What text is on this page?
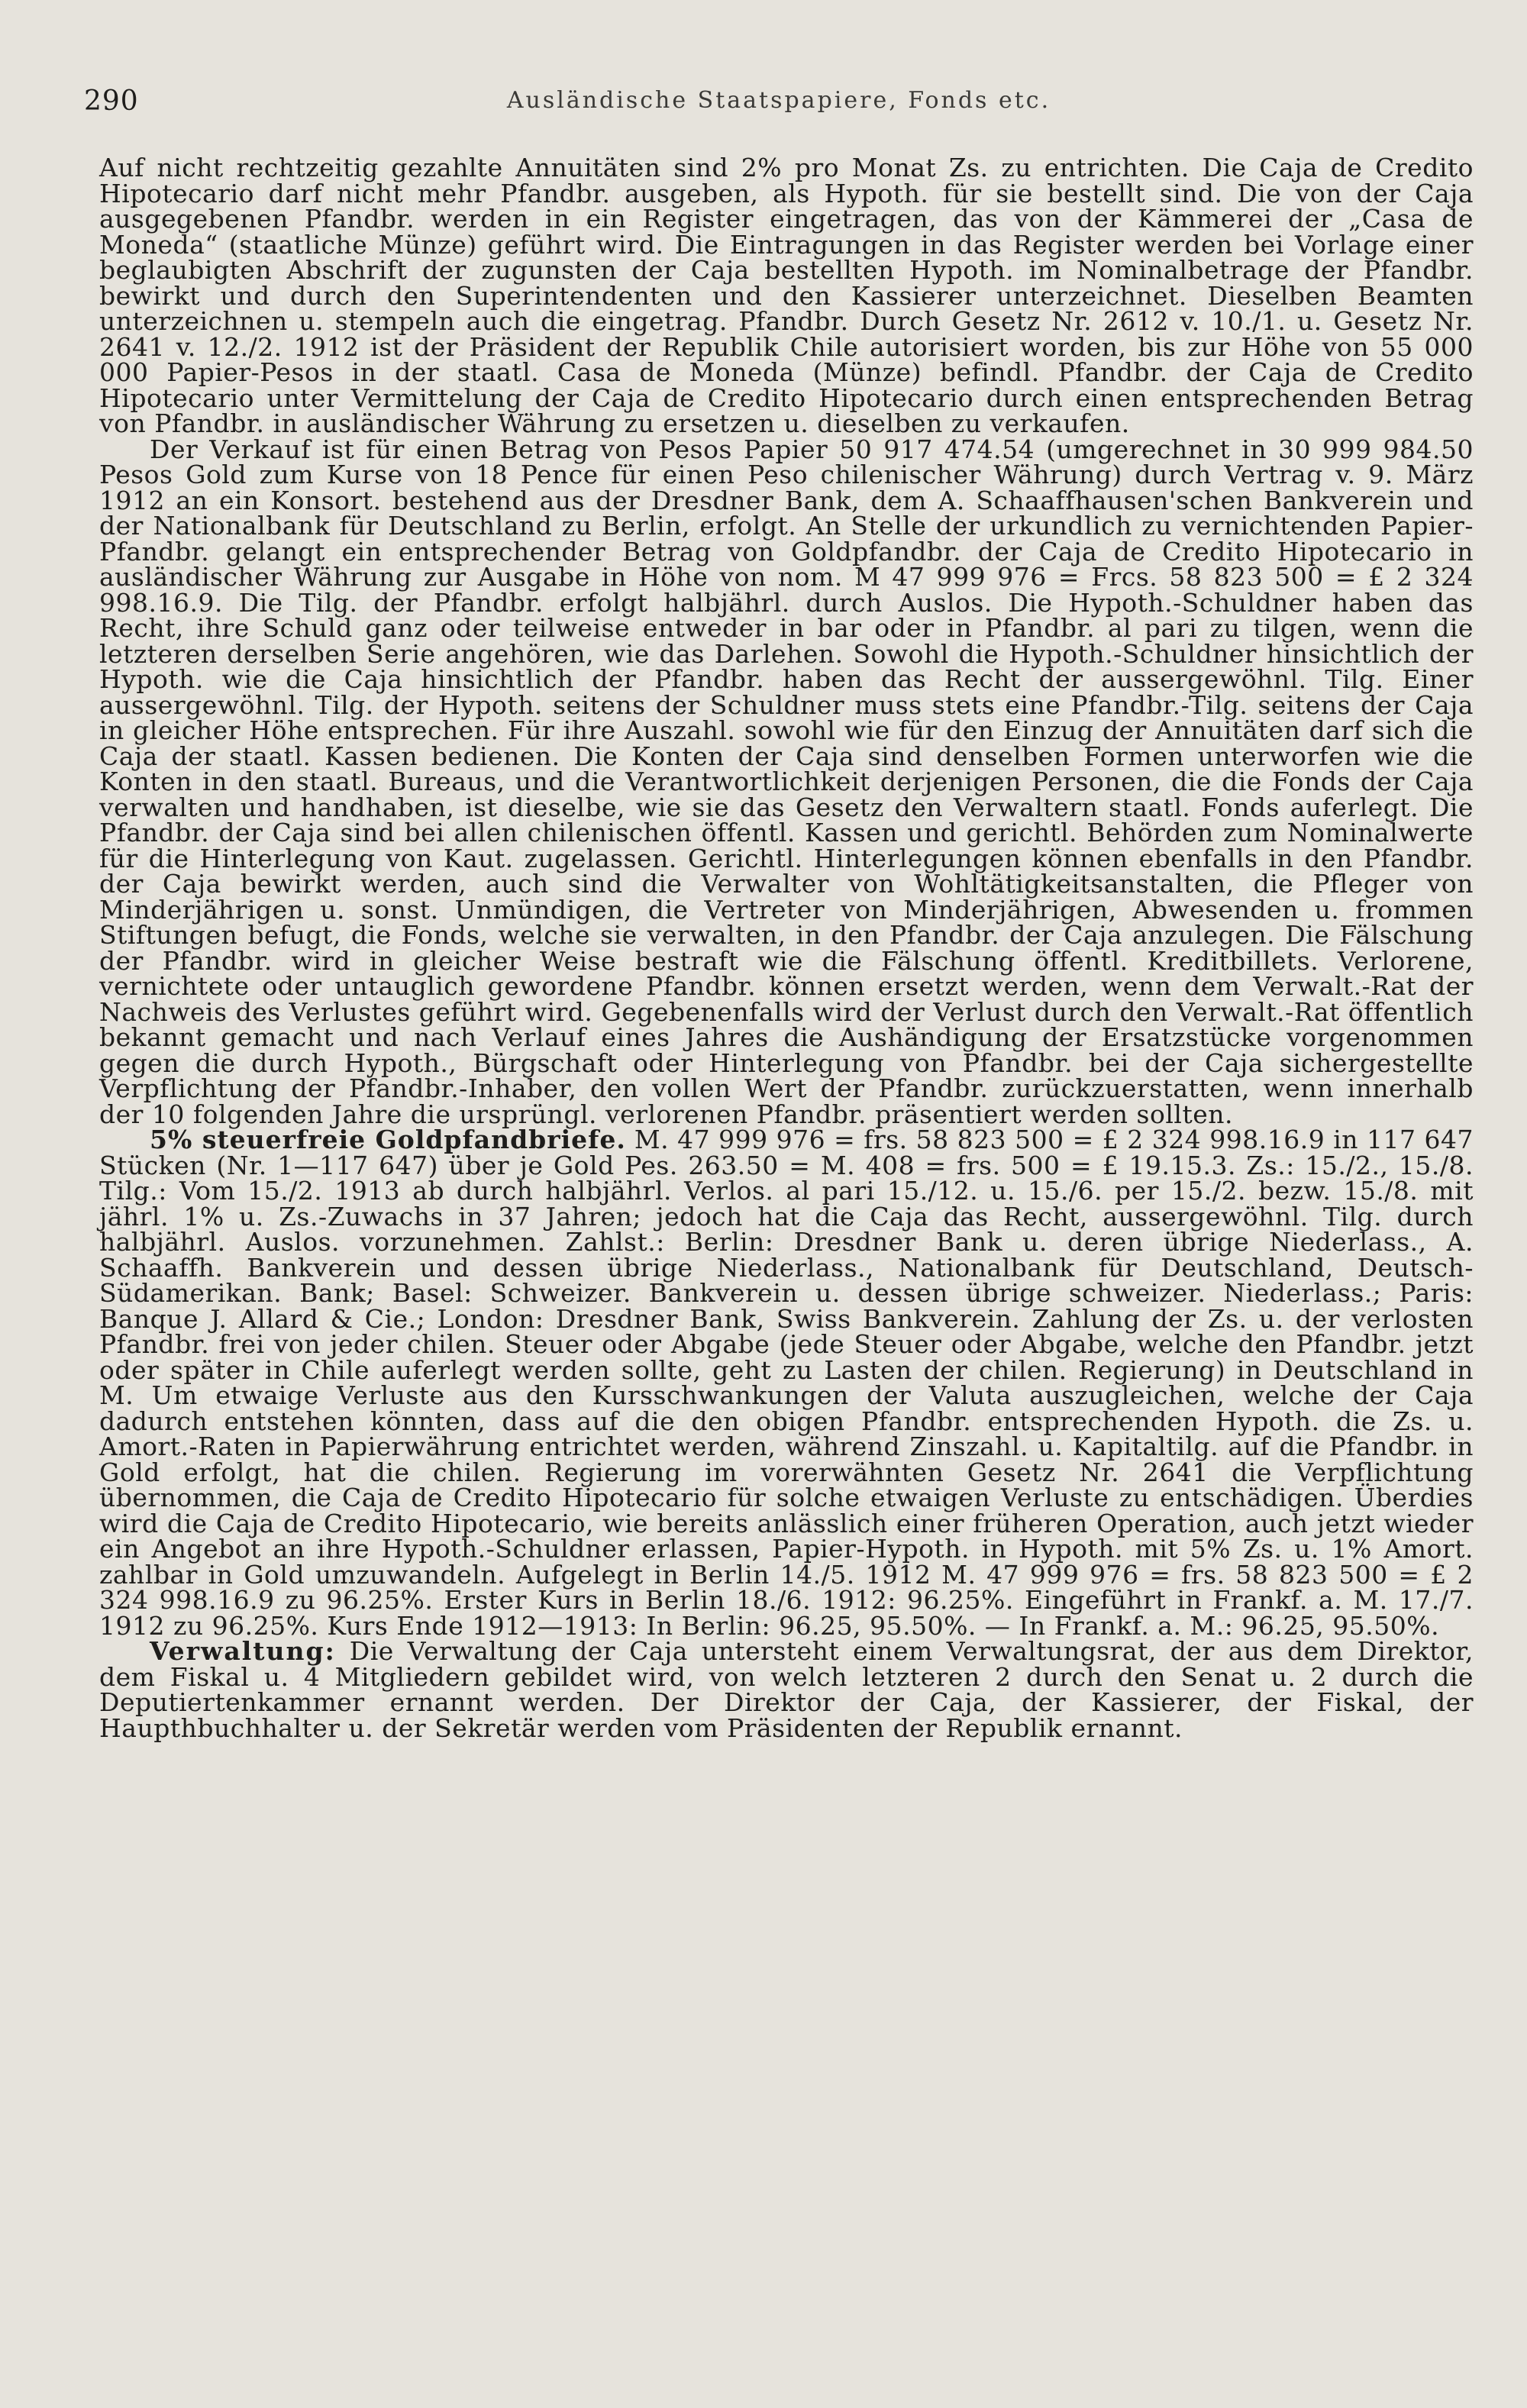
290	Ausländische Staatspapiere, Fonds etc.

Auf nicht rechtzeitig gezahlte Annuitäten sind 2% pro Monat Zs. zu entrichten. Die Caja de Credito Hipotecario darf nicht mehr Pfandbr. ausgeben, als Hypoth. für sie bestellt sind. Die von der Caja ausgegebenen Pfandbr. werden in ein Register eingetragen, das von der Kämmerei der „Casa de Moneda“ (staatliche Münze) geführt wird. Die Eintragungen in das Register werden bei Vorlage einer beglaubigten Abschrift der zugunsten der Caja bestellten Hypoth. im Nominalbetrage der Pfandbr. bewirkt und durch den Superintendenten und den Kassierer unterzeichnet. Dieselben Beamten unterzeichnen u. stempeln auch die eingetrag. Pfandbr. Durch Gesetz Nr. 2612 v. 10./1. u. Gesetz Nr. 2641 v. 12./2. 1912 ist der Präsident der Republik Chile autorisiert worden, bis zur Höhe von 55 000 000 Papier-Pesos in der staatl. Casa de Moneda (Münze) befindl. Pfandbr. der Caja de Credito Hipotecario unter Vermittelung der Caja de Credito Hipotecario durch einen entsprechenden Betrag von Pfandbr. in ausländischer Währung zu ersetzen u. dieselben zu verkaufen.

Der Verkauf ist für einen Betrag von Pesos Papier 50 917 474.54 (umgerechnet in 30 999 984.50 Pesos Gold zum Kurse von 18 Pence für einen Peso chilenischer Währung) durch Vertrag v. 9. März 1912 an ein Konsort. bestehend aus der Dresdner Bank, dem A. Schaaffhausen'schen Bankverein und der Nationalbank für Deutschland zu Berlin, erfolgt. An Stelle der urkundlich zu vernichtenden Papier-Pfandbr. gelangt ein entsprechender Betrag von Goldpfandbr. der Caja de Credito Hipotecario in ausländischer Währung zur Ausgabe in Höhe von nom. M 47 999 976 = Frcs. 58 823 500 = £ 2 324 998.16.9. Die Tilg. der Pfandbr. erfolgt halbjährl. durch Auslos. Die Hypoth.-Schuldner haben das Recht, ihre Schuld ganz oder teilweise entweder in bar oder in Pfandbr. al pari zu tilgen, wenn die letzteren derselben Serie angehören, wie das Darlehen. Sowohl die Hypoth.-Schuldner hinsichtlich der Hypoth. wie die Caja hinsichtlich der Pfandbr. haben das Recht der aussergewöhnl. Tilg. Einer aussergewöhnl. Tilg. der Hypoth. seitens der Schuldner muss stets eine Pfandbr.-Tilg. seitens der Caja in gleicher Höhe entsprechen. Für ihre Auszahl. sowohl wie für den Einzug der Annuitäten darf sich die Caja der staatl. Kassen bedienen. Die Konten der Caja sind denselben Formen unterworfen wie die Konten in den staatl. Bureaus, und die Verantwortlichkeit derjenigen Personen, die die Fonds der Caja verwalten und handhaben, ist dieselbe, wie sie das Gesetz den Verwaltern staatl. Fonds auferlegt. Die Pfandbr. der Caja sind bei allen chilenischen öffentl. Kassen und gerichtl. Behörden zum Nominalwerte für die Hinterlegung von Kaut. zugelassen. Gerichtl. Hinterlegungen können ebenfalls in den Pfandbr. der Caja bewirkt werden, auch sind die Verwalter von Wohltätigkeitsanstalten, die Pfleger von Minderjährigen u. sonst. Unmündigen, die Vertreter von Minderjährigen, Abwesenden u. frommen Stiftungen befugt, die Fonds, welche sie verwalten, in den Pfandbr. der Caja anzulegen. Die Fälschung der Pfandbr. wird in gleicher Weise bestraft wie die Fälschung öffentl. Kreditbillets. Verlorene, vernichtete oder untauglich gewordene Pfandbr. können ersetzt werden, wenn dem Verwalt.-Rat der Nachweis des Verlustes geführt wird. Gegebenenfalls wird der Verlust durch den Verwalt.-Rat öffentlich bekannt gemacht und nach Verlauf eines Jahres die Aushändigung der Ersatzstücke vorgenommen gegen die durch Hypoth., Bürgschaft oder Hinterlegung von Pfandbr. bei der Caja sichergestellte Verpflichtung der Pfandbr.-Inhaber, den vollen Wert der Pfandbr. zurückzuerstatten, wenn innerhalb der 10 folgenden Jahre die ursprüngl. verlorenen Pfandbr. präsentiert werden sollten.

5% steuerfreie Goldpfandbriefe. M. 47 999 976 = frs. 58 823 500 = £ 2 324 998.16.9 in 117 647 Stücken (Nr. 1—117 647) über je Gold Pes. 263.50 = M. 408 = frs. 500 = £ 19.15.3. Zs.: 15./2., 15./8. Tilg.: Vom 15./2. 1913 ab durch halbjährl. Verlos. al pari 15./12. u. 15./6. per 15./2. bezw. 15./8. mit jährl. 1% u. Zs.-Zuwachs in 37 Jahren; jedoch hat die Caja das Recht, aussergewöhnl. Tilg. durch halbjährl. Auslos. vorzunehmen. Zahlst.: Berlin: Dresdner Bank u. deren übrige Niederlass., A. Schaaffh. Bankverein und dessen übrige Niederlass., Nationalbank für Deutschland, Deutsch-Südamerikan. Bank; Basel: Schweizer. Bankverein u. dessen übrige schweizer. Niederlass.; Paris: Banque J. Allard & Cie.; London: Dresdner Bank, Swiss Bankverein. Zahlung der Zs. u. der verlosten Pfandbr. frei von jeder chilen. Steuer oder Abgabe (jede Steuer oder Abgabe, welche den Pfandbr. jetzt oder später in Chile auferlegt werden sollte, geht zu Lasten der chilen. Regierung) in Deutschland in M. Um etwaige Verluste aus den Kursschwankungen der Valuta auszugleichen, welche der Caja dadurch entstehen könnten, dass auf die den obigen Pfandbr. entsprechenden Hypoth. die Zs. u. Amort.-Raten in Papierwährung entrichtet werden, während Zinszahl. u. Kapitaltilg. auf die Pfandbr. in Gold erfolgt, hat die chilen. Regierung im vorerwähnten Gesetz Nr. 2641 die Verpflichtung übernommen, die Caja de Credito Hipotecario für solche etwaigen Verluste zu entschädigen. Überdies wird die Caja de Credito Hipotecario, wie bereits anlässlich einer früheren Operation, auch jetzt wieder ein Angebot an ihre Hypoth.-Schuldner erlassen, Papier-Hypoth. in Hypoth. mit 5% Zs. u. 1% Amort. zahlbar in Gold umzuwandeln. Aufgelegt in Berlin 14./5. 1912 M. 47 999 976 = frs. 58 823 500 = £ 2 324 998.16.9 zu 96.25%. Erster Kurs in Berlin 18./6. 1912: 96.25%. Eingeführt in Frankf. a. M. 17./7. 1912 zu 96.25%. Kurs Ende 1912—1913: In Berlin: 96.25, 95.50%. — In Frankf. a. M.: 96.25, 95.50%.

Verwaltung: Die Verwaltung der Caja untersteht einem Verwaltungsrat, der aus dem Direktor, dem Fiskal u. 4 Mitgliedern gebildet wird, von welch letzteren 2 durch den Senat u. 2 durch die Deputiertenkammer ernannt werden. Der Direktor der Caja, der Kassierer, der Fiskal, der Haupthbuchhalter u. der Sekretär werden vom Präsidenten der Republik ernannt.
